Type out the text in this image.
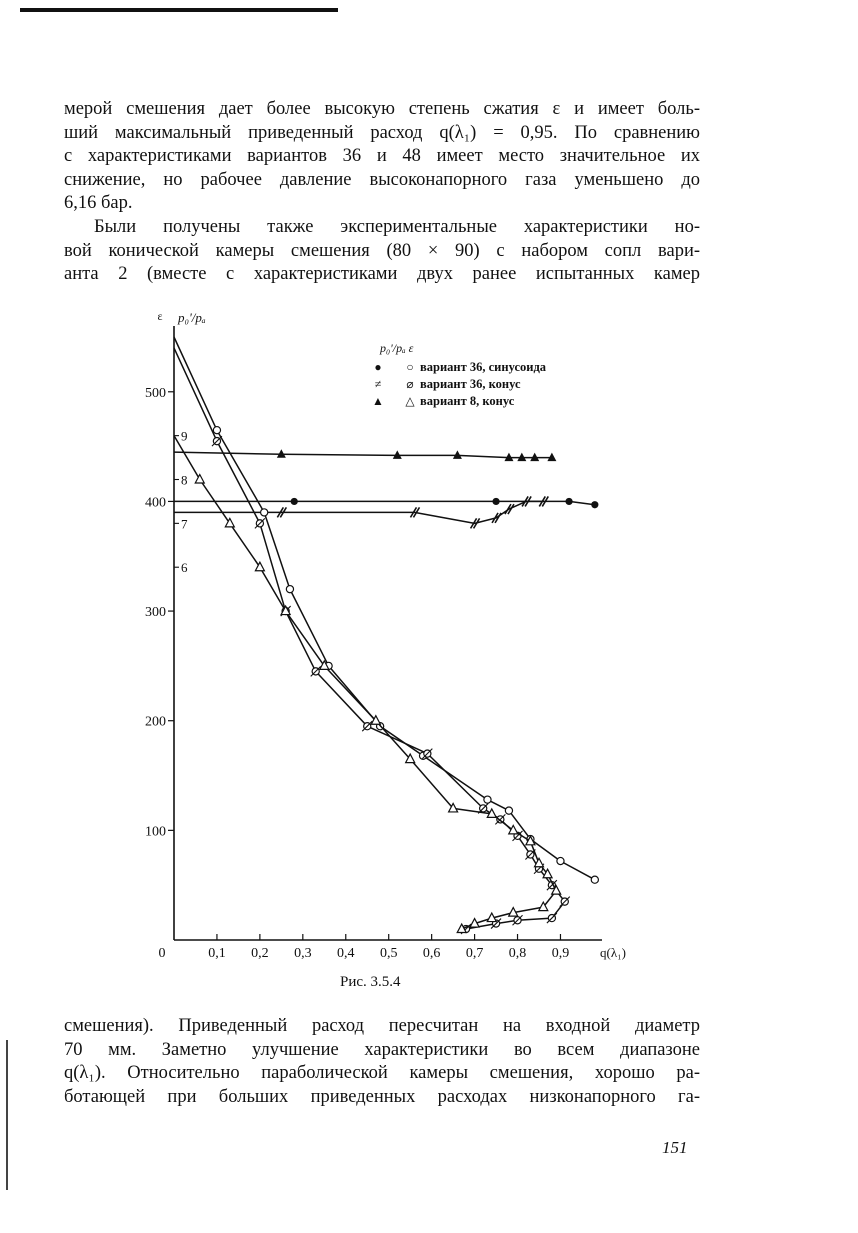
мерой смешения дает более высокую степень сжатия ε и имеет боль-
ший максимальный приведенный расход q(λ₁) = 0,95. По сравнению
с характеристиками вариантов 36 и 48 имеет место значительное их
снижение, но рабочее давление высоконапорного газа уменьшено до
6,16 бар.
Были получены также экспериментальные характеристики но-
вой конической камеры смешения (80 × 90) с набором сопл вари-
анта 2 (вместе с характеристиками двух ранее испытанных камер
0,1 0,2 0,3 0,4 0,5 0,6 0,7 0,8 0,9
0	q(λ₁)
100
200
300
400
500
6
7
8
9
ε p₀'/pₐ
p₀'/pₐ ε
● ○ вариант 36, синусоида
≠ ⌀ вариант 36, конус
▲ △ вариант 8, конус
Рис. 3.5.4
смешения). Приведенный расход пересчитан на входной диаметр
70 мм. Заметно улучшение характеристики во всем диапазоне
q(λ₁). Относительно параболической камеры смешения, хорошо ра-
ботающей при больших приведенных расходах низконапорного га-
151
